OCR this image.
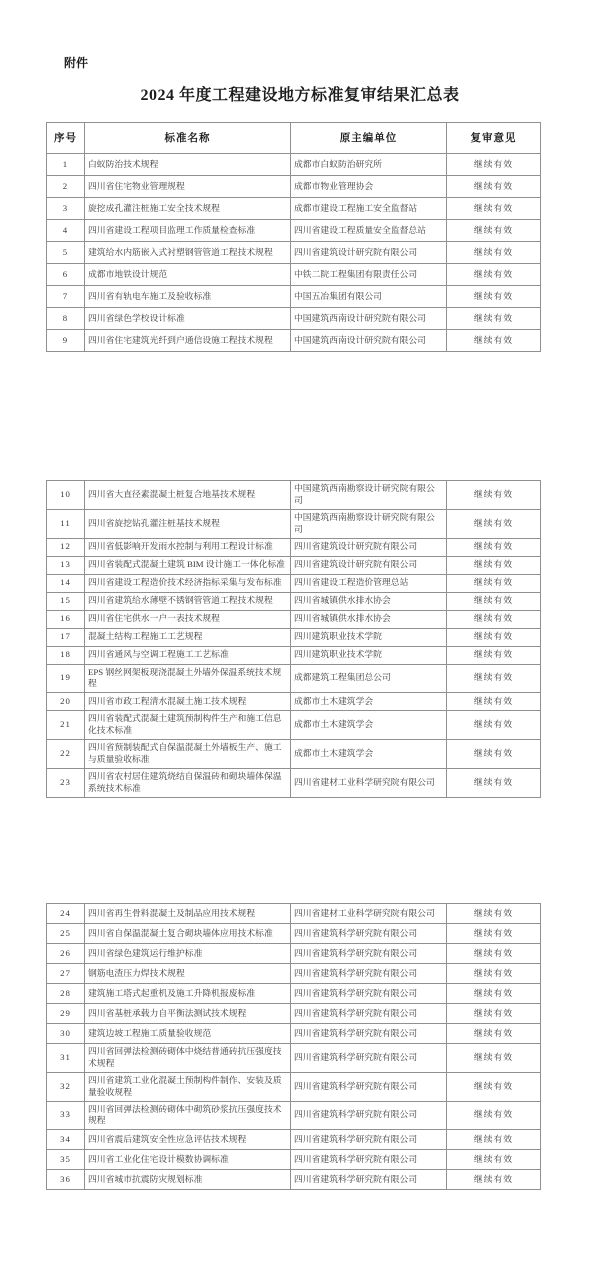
附件
2024 年度工程建设地方标准复审结果汇总表
序号	标准名称	原主编单位	复审意见
1	白蚁防治技术规程	成都市白蚁防治研究所	继续有效
2	四川省住宅物业管理规程	成都市物业管理协会	继续有效
3	旋挖成孔灌注桩施工安全技术规程	成都市建设工程施工安全监督站	继续有效
4	四川省建设工程项目监理工作质量检查标准	四川省建设工程质量安全监督总站	继续有效
5	建筑给水内筋嵌入式衬塑钢管管道工程技术规程	四川省建筑设计研究院有限公司	继续有效
6	成都市地铁设计规范	中铁二院工程集团有限责任公司	继续有效
7	四川省有轨电车施工及验收标准	中国五冶集团有限公司	继续有效
8	四川省绿色学校设计标准	中国建筑西南设计研究院有限公司	继续有效
9	四川省住宅建筑光纤到户通信设施工程技术规程	中国建筑西南设计研究院有限公司	继续有效
10	四川省大直径素混凝土桩复合地基技术规程	中国建筑西南勘察设计研究院有限公司	继续有效
11	四川省旋挖钻孔灌注桩基技术规程	中国建筑西南勘察设计研究院有限公司	继续有效
12	四川省低影响开发雨水控制与利用工程设计标准	四川省建筑设计研究院有限公司	继续有效
13	四川省装配式混凝土建筑 BIM 设计施工一体化标准	四川省建筑设计研究院有限公司	继续有效
14	四川省建设工程造价技术经济指标采集与发布标准	四川省建设工程造价管理总站	继续有效
15	四川省建筑给水薄壁不锈钢管管道工程技术规程	四川省城镇供水排水协会	继续有效
16	四川省住宅供水一户一表技术规程	四川省城镇供水排水协会	继续有效
17	混凝土结构工程施工工艺规程	四川建筑职业技术学院	继续有效
18	四川省通风与空调工程施工工艺标准	四川建筑职业技术学院	继续有效
19	EPS 钢丝网架板现浇混凝土外墙外保温系统技术规程	成都建筑工程集团总公司	继续有效
20	四川省市政工程清水混凝土施工技术规程	成都市土木建筑学会	继续有效
21	四川省装配式混凝土建筑预制构件生产和施工信息化技术标准	成都市土木建筑学会	继续有效
22	四川省预制装配式自保温混凝土外墙板生产、施工与质量验收标准	成都市土木建筑学会	继续有效
23	四川省农村居住建筑烧结自保温砖和砌块墙体保温系统技术标准	四川省建材工业科学研究院有限公司	继续有效
24	四川省再生骨料混凝土及制品应用技术规程	四川省建材工业科学研究院有限公司	继续有效
25	四川省自保温混凝土复合砌块墙体应用技术标准	四川省建筑科学研究院有限公司	继续有效
26	四川省绿色建筑运行维护标准	四川省建筑科学研究院有限公司	继续有效
27	钢筋电渣压力焊技术规程	四川省建筑科学研究院有限公司	继续有效
28	建筑施工塔式起重机及施工升降机报废标准	四川省建筑科学研究院有限公司	继续有效
29	四川省基桩承载力自平衡法测试技术规程	四川省建筑科学研究院有限公司	继续有效
30	建筑边坡工程施工质量验收规范	四川省建筑科学研究院有限公司	继续有效
31	四川省回弹法检测砖砌体中烧结普通砖抗压强度技术规程	四川省建筑科学研究院有限公司	继续有效
32	四川省建筑工业化混凝土预制构件制作、安装及质量验收规程	四川省建筑科学研究院有限公司	继续有效
33	四川省回弹法检测砖砌体中砌筑砂浆抗压强度技术规程	四川省建筑科学研究院有限公司	继续有效
34	四川省震后建筑安全性应急评估技术规程	四川省建筑科学研究院有限公司	继续有效
35	四川省工业化住宅设计模数协调标准	四川省建筑科学研究院有限公司	继续有效
36	四川省城市抗震防灾规划标准	四川省建筑科学研究院有限公司	继续有效
